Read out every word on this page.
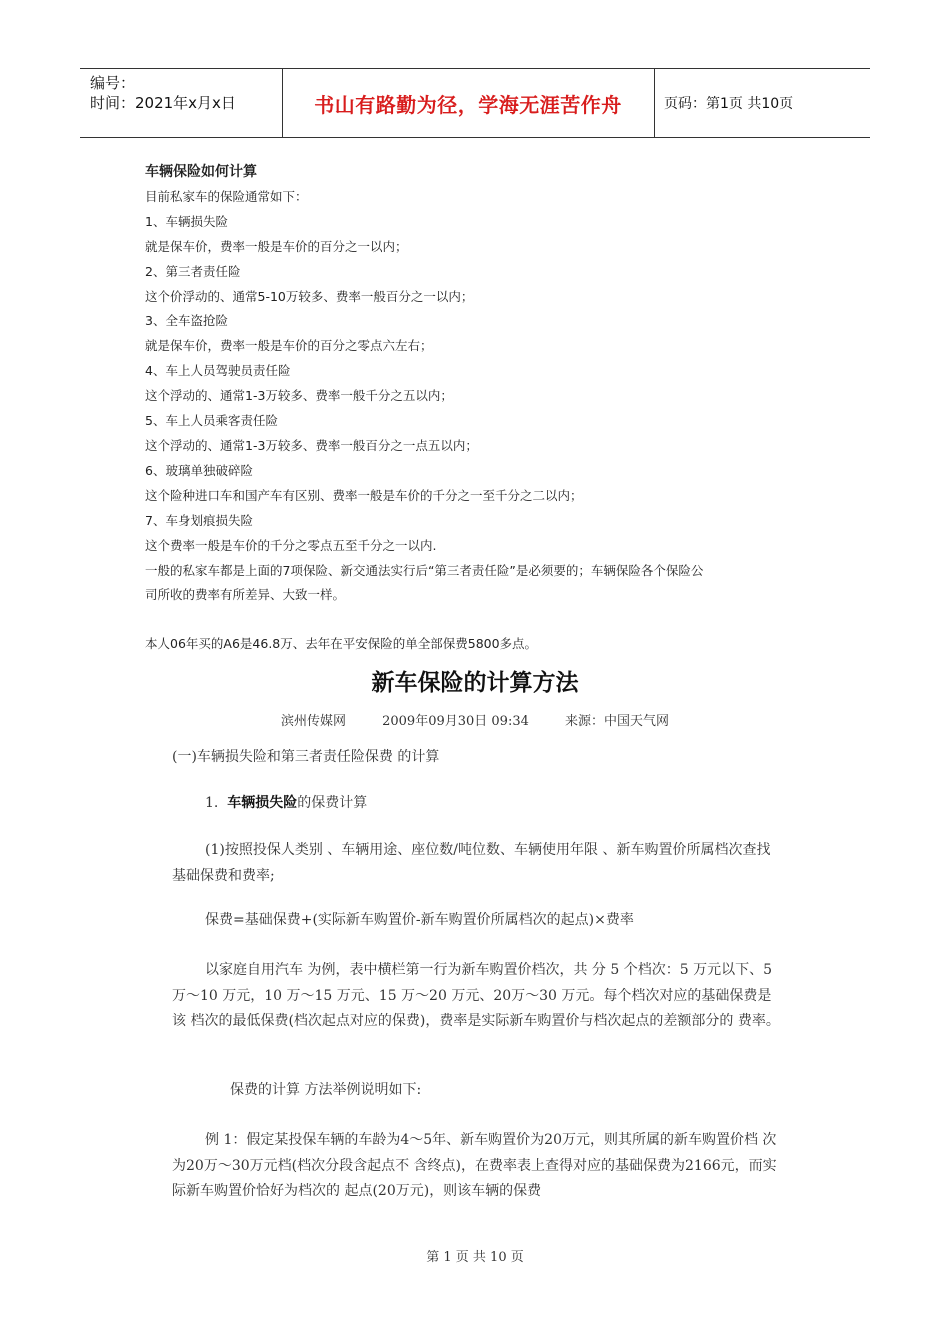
编号：
时间：2021年x月x日	书山有路勤为径，学海无涯苦作舟	页码：第1页 共10页
车辆保险如何计算
目前私家车的保险通常如下：
1、车辆损失险
就是保车价，费率一般是车价的百分之一以内；
2、第三者责任险
这个价浮动的、通常5-10万较多、费率一般百分之一以内；
3、全车盗抢险
就是保车价，费率一般是车价的百分之零点六左右；
4、车上人员驾驶员责任险
这个浮动的、通常1-3万较多、费率一般千分之五以内；
5、车上人员乘客责任险
这个浮动的、通常1-3万较多、费率一般百分之一点五以内；
6、玻璃单独破碎险
这个险种进口车和国产车有区别、费率一般是车价的千分之一至千分之二以内；
7、车身划痕损失险
这个费率一般是车价的千分之零点五至千分之一以内.
一般的私家车都是上面的7项保险、新交通法实行后“第三者责任险”是必须要的；车辆保险各个保险公
司所收的费率有所差异、大致一样。
本人06年买的A6是46.8万、去年在平安保险的单全部保费5800多点。
新车保险的计算方法
滨州传媒网	2009年09月30日 09:34	来源：中国天气网
(一)车辆损失险和第三者责任险保费 的计算
1. 车辆损失险的保费计算
(1)按照投保人类别 、车辆用途、座位数/吨位数、车辆使用年限 、新车购置价所属档次查找基础保费和费率;
保费=基础保费+(实际新车购置价-新车购置价所属档次的起点)×费率
以家庭自用汽车 为例，表中横栏第一行为新车购置价档次，共 分 5 个档次：5 万元以下、5 万～10 万元，10 万～15 万元、15 万～20 万元、20万～30 万元。每个档次对应的基础保费是该 档次的最低保费(档次起点对应的保费)，费率是实际新车购置价与档次起点的差额部分的 费率。
保费的计算 方法举例说明如下:
例 1：假定某投保车辆的车龄为4～5年、新车购置价为20万元，则其所属的新车购置价档 次为20万～30万元档(档次分段含起点不 含终点)，在费率表上查得对应的基础保费为2166元，而实际新车购置价恰好为档次的 起点(20万元)，则该车辆的保费
第 1 页 共 10 页
